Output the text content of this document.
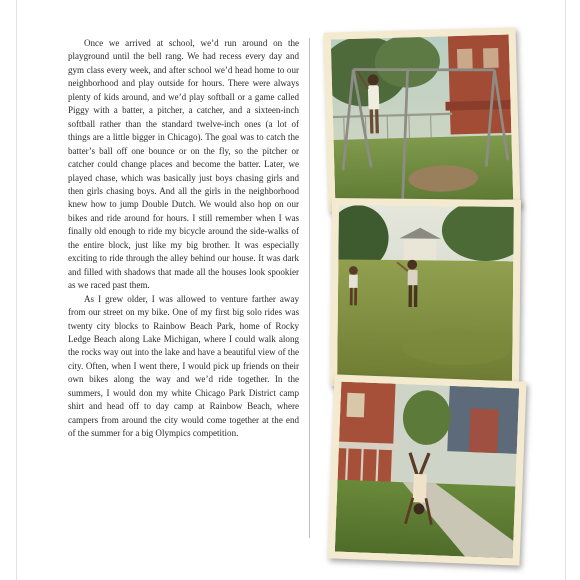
Once we arrived at school, we’d run around on the playground until the bell rang. We had recess every day and gym class every week, and after school we’d head home to our neighborhood and play outside for hours. There were always plenty of kids around, and we’d play softball or a game called Piggy with a batter, a pitcher, a catcher, and a sixteen-inch softball rather than the standard twelve-inch ones (a lot of things are a little bigger in Chicago). The goal was to catch the batter’s ball off one bounce or on the fly, so the pitcher or catcher could change places and become the batter. Later, we played chase, which was basically just boys chasing girls and then girls chasing boys. And all the girls in the neighborhood knew how to jump Double Dutch. We would also hop on our bikes and ride around for hours. I still remember when I was finally old enough to ride my bicycle around the side-walks of the entire block, just like my big brother. It was especially exciting to ride through the alley behind our house. It was dark and filled with shadows that made all the houses look spookier as we raced past them.

As I grew older, I was allowed to venture farther away from our street on my bike. One of my first big solo rides was twenty city blocks to Rainbow Beach Park, home of Rocky Ledge Beach along Lake Michigan, where I could walk along the rocks way out into the lake and have a beautiful view of the city. Often, when I went there, I would pick up friends on their own bikes along the way and we’d ride together. In the summers, I would don my white Chicago Park District camp shirt and head off to day camp at Rainbow Beach, where campers from around the city would come together at the end of the summer for a big Olympics competition.
